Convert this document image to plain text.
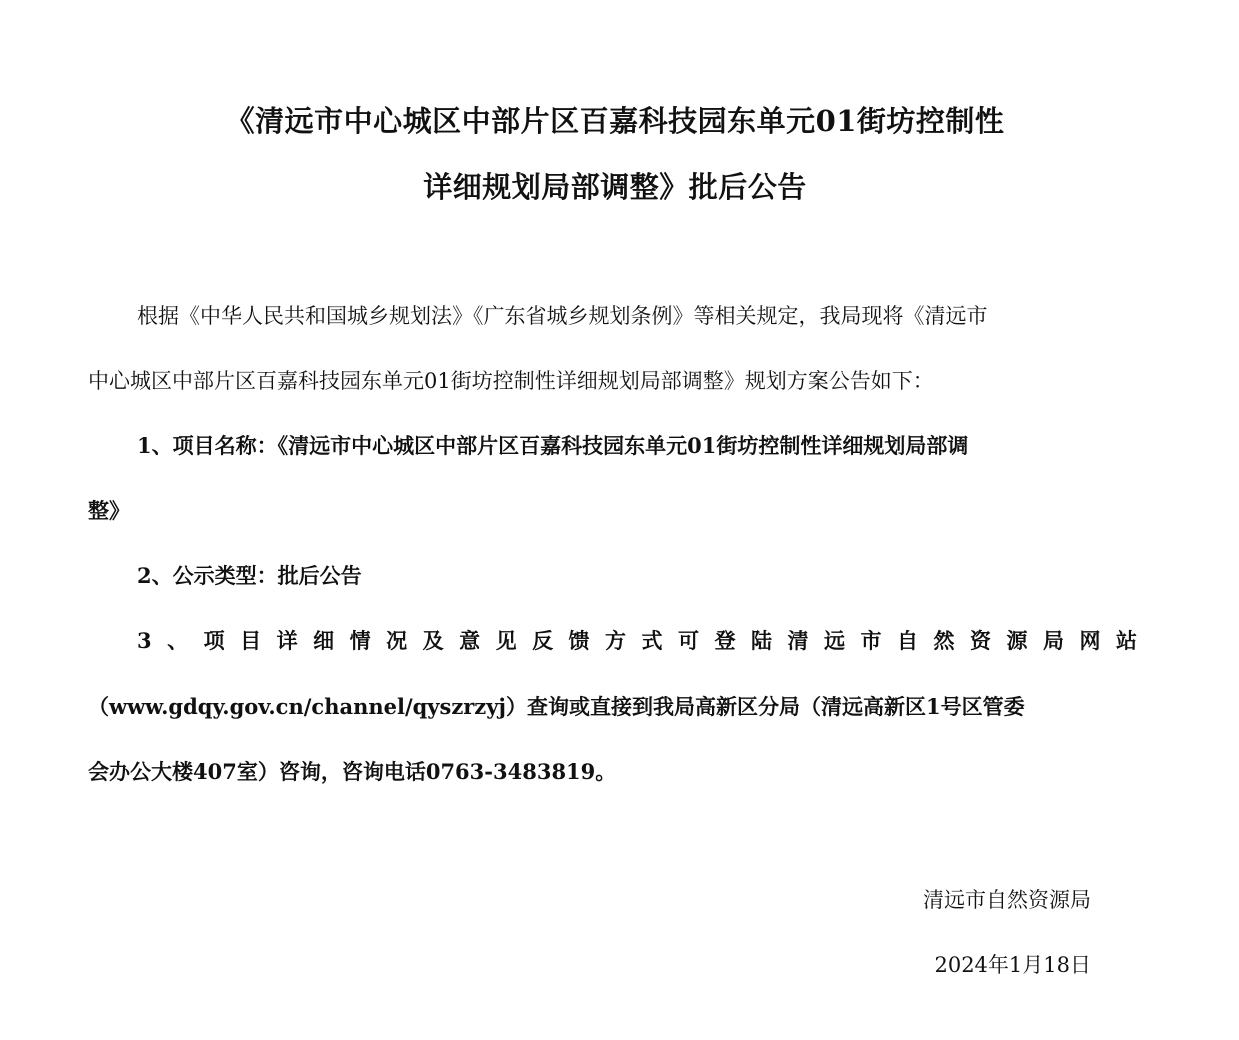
《清远市中心城区中部片区百嘉科技园东单元01街坊控制性
详细规划局部调整》批后公告
根据《中华人民共和国城乡规划法》《广东省城乡规划条例》等相关规定，我局现将《清远市
中心城区中部片区百嘉科技园东单元01街坊控制性详细规划局部调整》规划方案公告如下：
1、项目名称：《清远市中心城区中部片区百嘉科技园东单元01街坊控制性详细规划局部调
整》
2、公示类型：批后公告
3、项目详细情况及意见反馈方式可登陆清远市自然资源局网站
（www.gdqy.gov.cn/channel/qyszrzyj）查询或直接到我局高新区分局（清远高新区1号区管委
会办公大楼407室）咨询，咨询电话0763-3483819。
清远市自然资源局
2024年1月18日
